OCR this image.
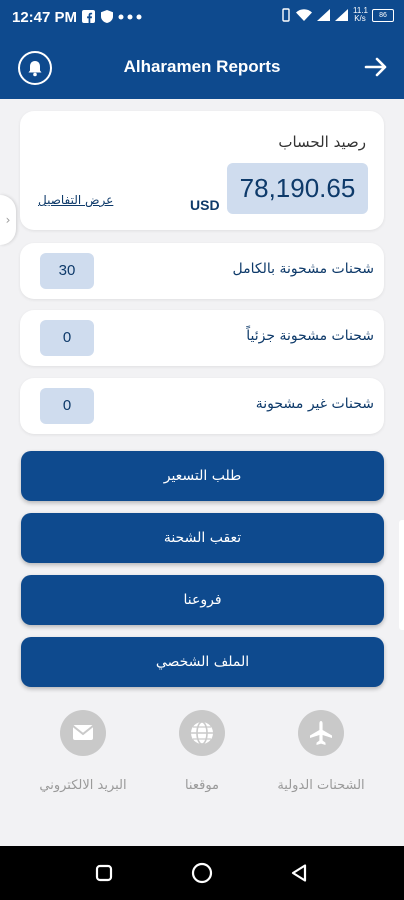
12:47 PM
	11.1
K/s	86
Alharamen Reports
›
رصيد الحساب
78,190.65
USD
عرض التفاصيل
شحنات مشحونة بالكامل
30
شحنات مشحونة جزئياً
0
شحنات غير مشحونة
0
طلب التسعير
تعقب الشحنة
فروعنا
الملف الشخصي
البريد الالكتروني	موقعنا	الشحنات الدولية
